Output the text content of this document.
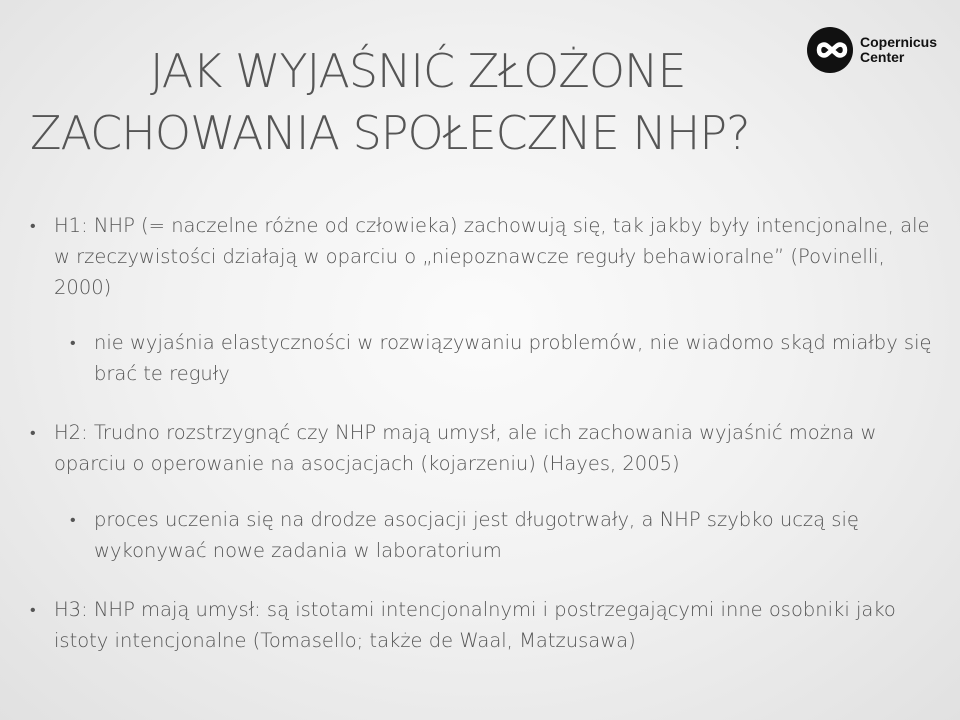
JAK WYJAŚNIĆ ZŁOŻONE
ZACHOWANIA SPOŁECZNE NHP?
Copernicus
Center
• H1: NHP (= naczelne różne od człowieka) zachowują się, tak jakby były intencjonalne, ale w rzeczywistości działają w oparciu o „niepoznawcze reguły behawioralne” (Povinelli, 2000)
• nie wyjaśnia elastyczności w rozwiązywaniu problemów, nie wiadomo skąd miałby się brać te reguły
• H2: Trudno rozstrzygnąć czy NHP mają umysł, ale ich zachowania wyjaśnić można w oparciu o operowanie na asocjacjach (kojarzeniu) (Hayes, 2005)
• proces uczenia się na drodze asocjacji jest długotrwały, a NHP szybko uczą się wykonywać nowe zadania w laboratorium
• H3: NHP mają umysł: są istotami intencjonalnymi i postrzegającymi inne osobniki jako istoty intencjonalne (Tomasello; także de Waal, Matzusawa)
